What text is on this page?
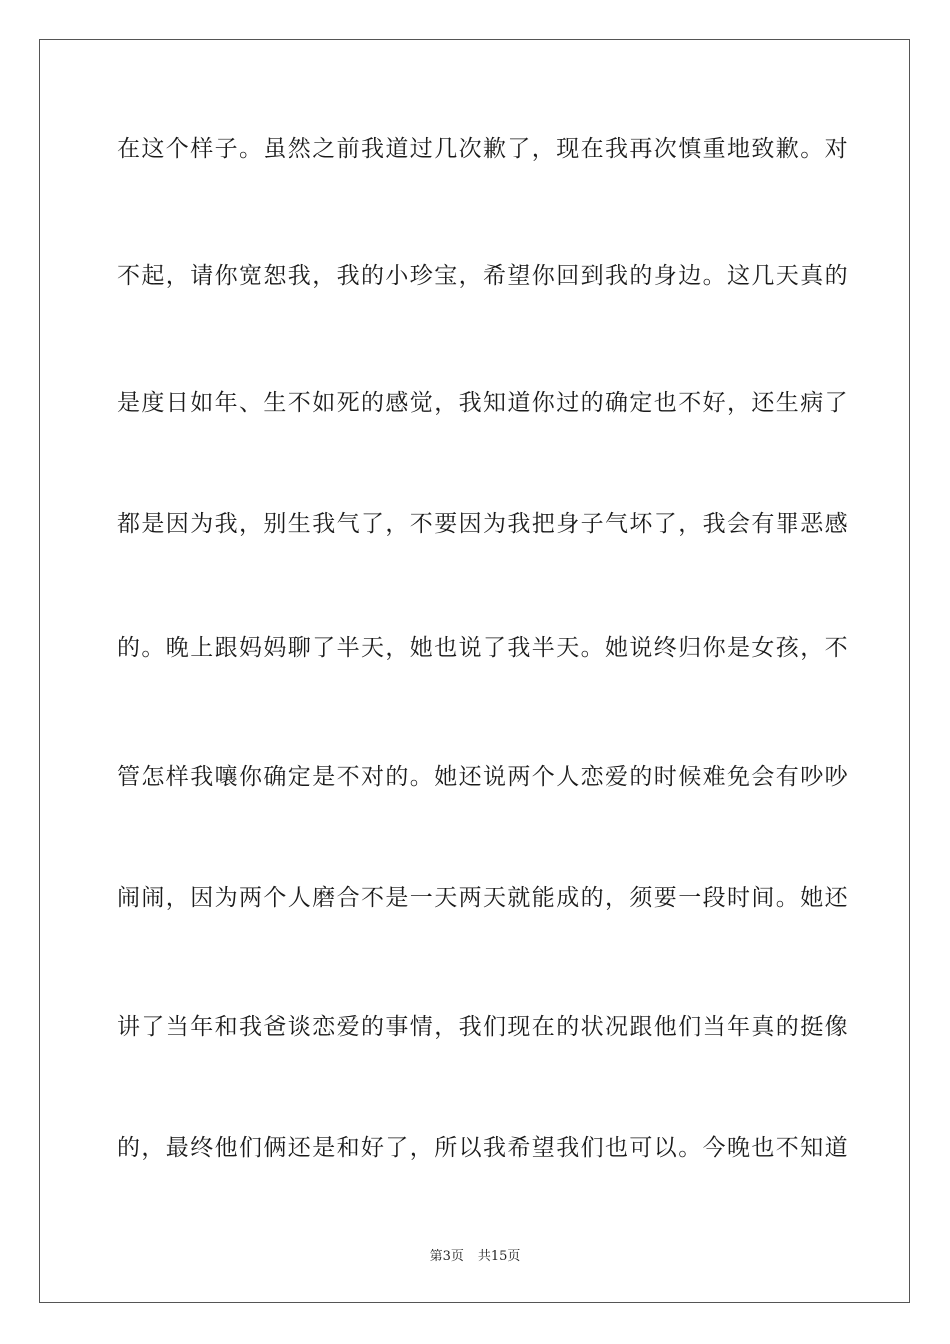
在这个样子。虽然之前我道过几次歉了，现在我再次慎重地致歉。对
不起，请你宽恕我，我的小珍宝，希望你回到我的身边。这几天真的
是度日如年、生不如死的感觉，我知道你过的确定也不好，还生病了
都是因为我，别生我气了，不要因为我把身子气坏了，我会有罪恶感
的。晚上跟妈妈聊了半天，她也说了我半天。她说终归你是女孩，不
管怎样我嚷你确定是不对的。她还说两个人恋爱的时候难免会有吵吵
闹闹，因为两个人磨合不是一天两天就能成的，须要一段时间。她还
讲了当年和我爸谈恋爱的事情，我们现在的状况跟他们当年真的挺像
的，最终他们俩还是和好了，所以我希望我们也可以。今晚也不知道
第3页 共15页
